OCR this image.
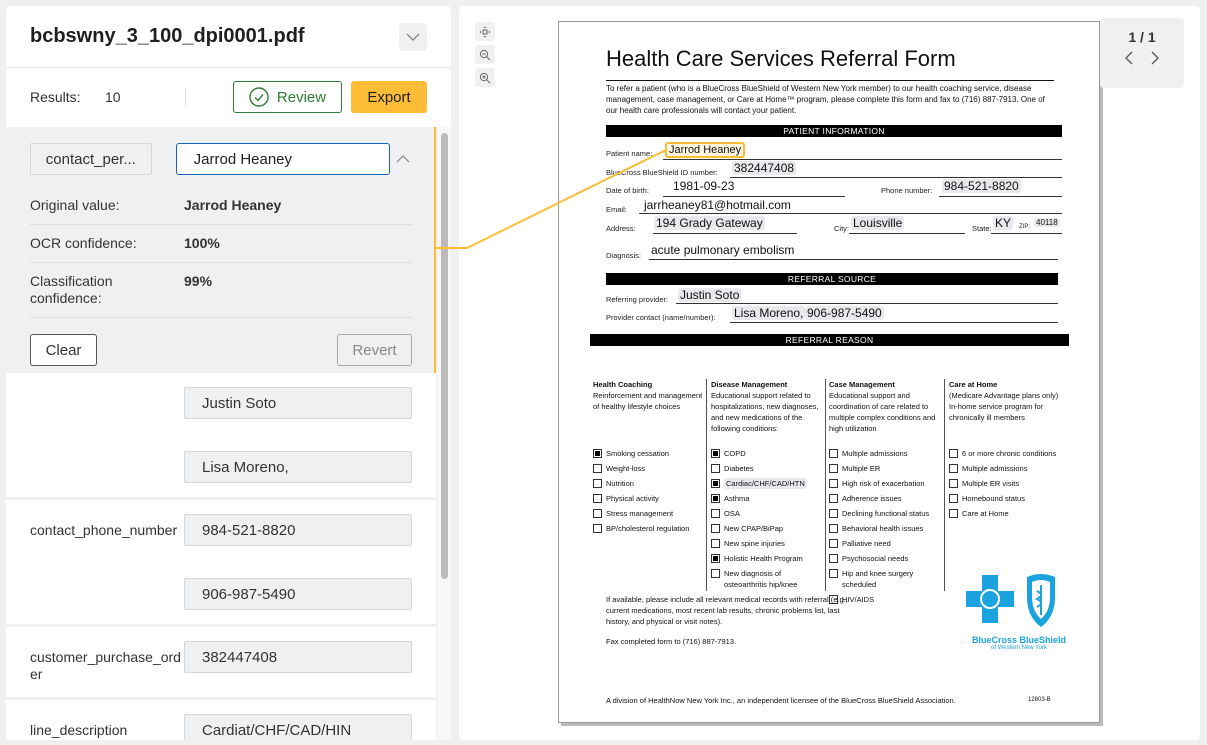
bcbswny_3_100_dpi0001.pdf
Results:	10	Review	Export
contact_per...	Jarrod Heaney
Original value:	Jarrod Heaney
OCR confidence:	100%
Classification confidence:
99%
Clear	Revert
Justin Soto
Lisa Moreno,
contact_phone_number	984-521-8820
906-987-5490
customer_purchase_order
382447408
line_description	Cardiat/CHF/CAD/HIN
Health Care Services Referral Form
To refer a patient (who is a BlueCross BlueShield of Western New York member) to our health coaching service, disease management, case management, or Care at Home™ program, please complete this form and fax to (716) 887-7913. One of our health care professionals will contact your patient.
PATIENT INFORMATION
Patient name:	Jarrod Heaney
BlueCross BlueShield ID number: 382447408
Date of birth: 1981-09-23	Phone number: 984-521-8820
Email: jarrheaney81@hotmail.com
Address: 194 Grady Gateway	City: Louisville	State: KY	ZIP: 40118
Diagnosis: acute pulmonary embolism
REFERRAL SOURCE
Referring provider: Justin Soto
Provider contact (name/number): Lisa Moreno, 906-987-5490
REFERRAL REASON
Health Coaching
Reinforcement and management of healthy lifestyle choices
Smoking cessation
Weight-loss
Nutrition
Physical activity
Stress management
BP/cholesterol regulation
Disease Management
Educational support related to hospitalizations, new diagnoses, and new medications of the following conditions:
COPD
Diabetes
Cardiac/CHF/CAD/HTN
Asthma
OSA
New CPAP/BiPap
New spine injuries
Holistic Health Program
New diagnosis of osteoarthritis hip/knee
Case Management
Educational support and coordination of care related to multiple complex conditions and high utilization
Multiple admissions
Multiple ER
High risk of exacerbation
Adherence issues
Declining functional status
Behavioral health issues
Palliative need
Psychosocial needs
Hip and knee surgery scheduled
HIV/AIDS
Care at Home
(Medicare Advantage plans only) In-home service program for chronically ill members
6 or more chronic conditions
Multiple admissions
Multiple ER visits
Homebound status
Care at Home
If available, please include all relevant medical records with referral (e.g., current medications, most recent lab results, chronic problems list, last history, and physical or visit notes).
Fax completed form to (716) 887-7913.	BlueCross BlueShield
of Western New York
A division of HealthNow New York Inc., an independent licensee of the BlueCross BlueShield Association.	12803-B
1 / 1
